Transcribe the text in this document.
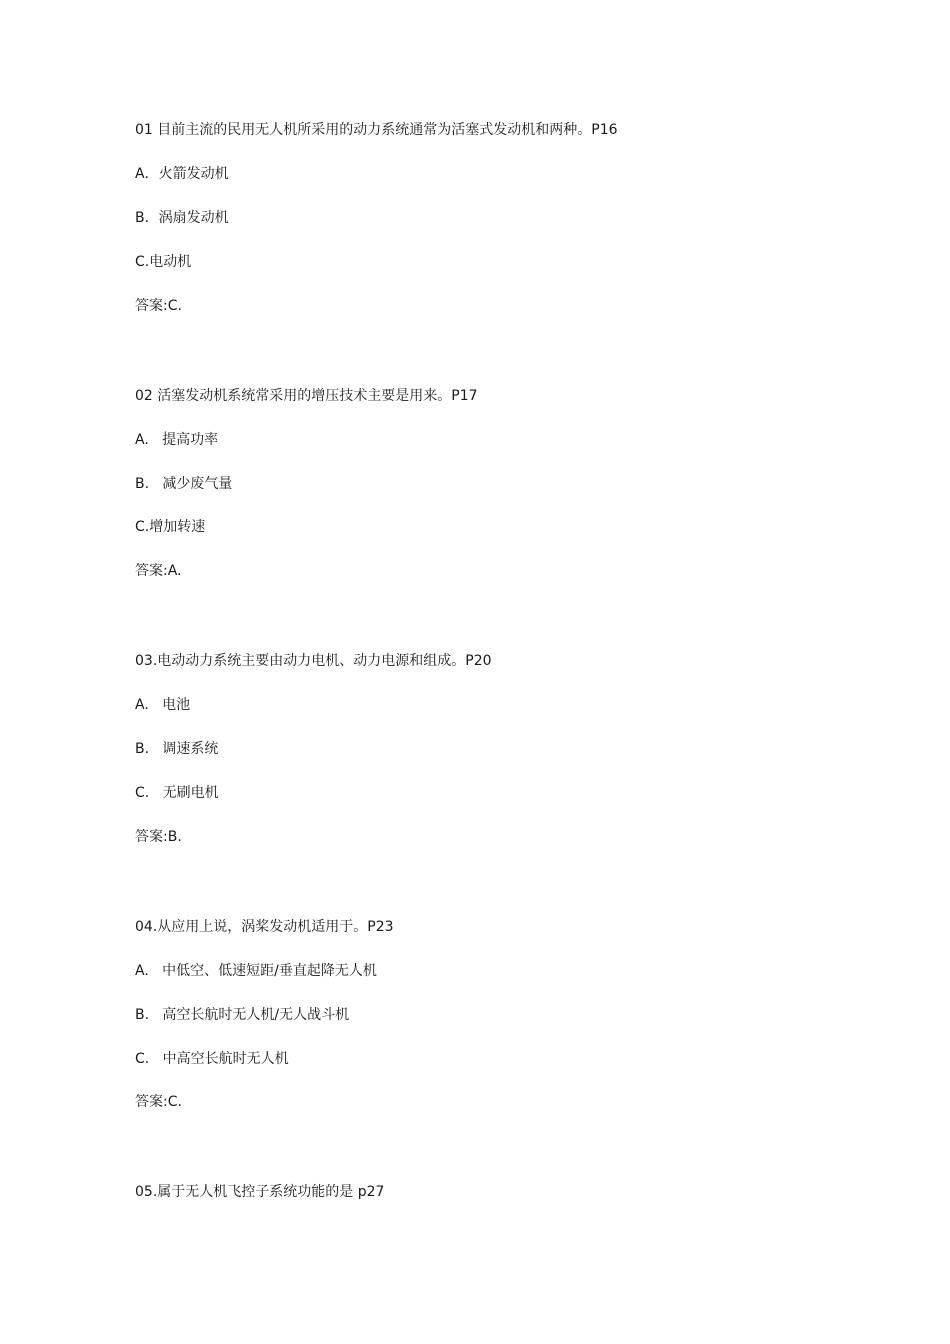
01 目前主流的民用无人机所采用的动力系统通常为活塞式发动机和两种。P16
A．火箭发动机
B．涡扇发动机
C.电动机
答案:C.
02 活塞发动机系统常采用的增压技术主要是用来。P17
A.   提高功率
B.   减少废气量
C.增加转速
答案:A.
03.电动动力系统主要由动力电机、动力电源和组成。P20
A.   电池
B.   调速系统
C.   无刷电机
答案:B.
04.从应用上说，涡桨发动机适用于。P23
A.   中低空、低速短距/垂直起降无人机
B.   高空长航时无人机/无人战斗机
C.   中高空长航时无人机
答案:C.
05.属于无人机飞控子系统功能的是 p27
